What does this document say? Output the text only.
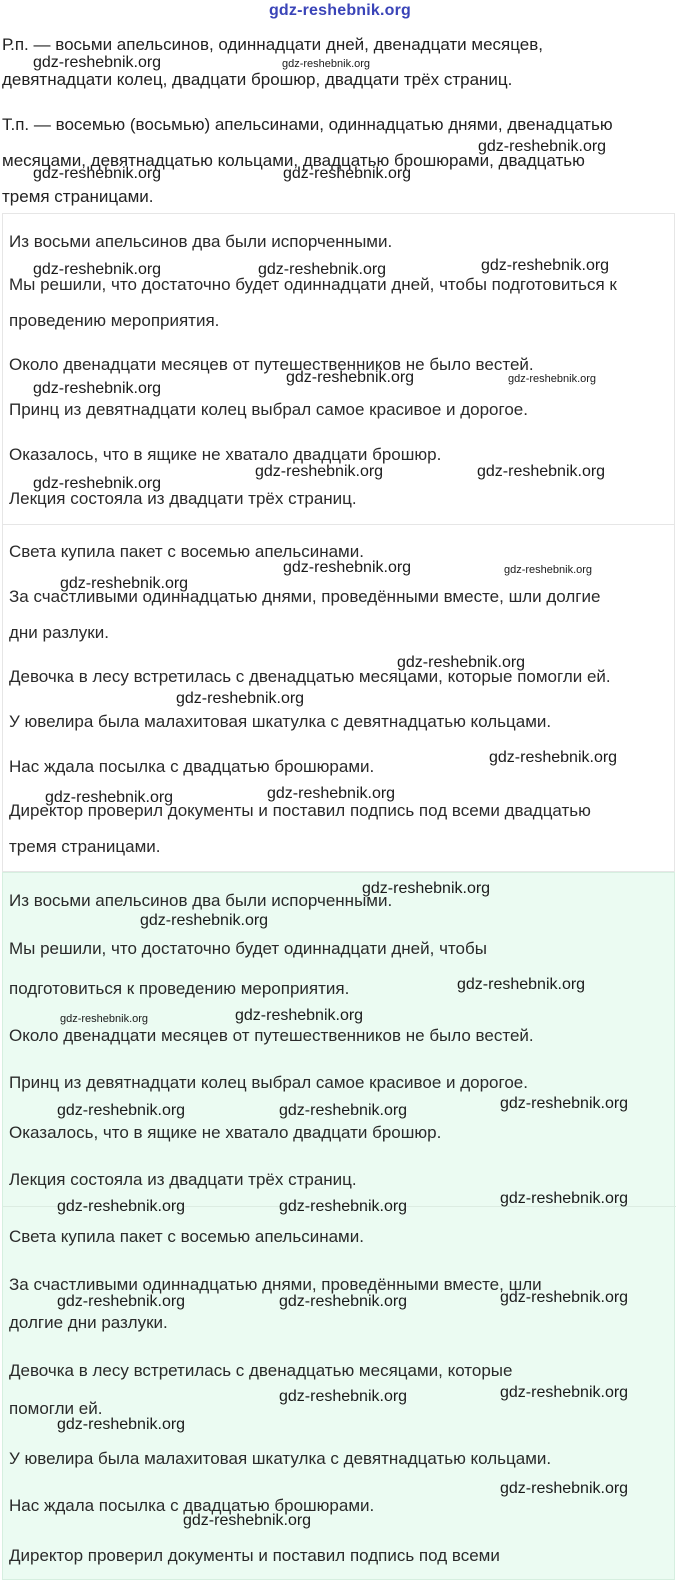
gdz-reshebnik.org
Р.п. — восьми апельсинов, одиннадцати дней, двенадцати месяцев,
девятнадцати колец, двадцати брошюр, двадцати трёх страниц.
Т.п. — восемью (восьмью) апельсинами, одиннадцатью днями, двенадцатью
месяцами, девятнадцатью кольцами, двадцатью брошюрами, двадцатью
тремя страницами.
Из восьми апельсинов два были испорченными.
Мы решили, что достаточно будет одиннадцати дней, чтобы подготовиться к
проведению мероприятия.
Около двенадцати месяцев от путешественников не было вестей.
Принц из девятнадцати колец выбрал самое красивое и дорогое.
Оказалось, что в ящике не хватало двадцати брошюр.
Лекция состояла из двадцати трёх страниц.
Света купила пакет с восемью апельсинами.
За счастливыми одиннадцатью днями, проведёнными вместе, шли долгие
дни разлуки.
Девочка в лесу встретилась с двенадцатью месяцами, которые помогли ей.
У ювелира была малахитовая шкатулка с девятнадцатью кольцами.
Нас ждала посылка с двадцатью брошюрами.
Директор проверил документы и поставил подпись под всеми двадцатью
тремя страницами.
Из восьми апельсинов два были испорченными.
Мы решили, что достаточно будет одиннадцати дней, чтобы
подготовиться к проведению мероприятия.
Около двенадцати месяцев от путешественников не было вестей.
Принц из девятнадцати колец выбрал самое красивое и дорогое.
Оказалось, что в ящике не хватало двадцати брошюр.
Лекция состояла из двадцати трёх страниц.
Света купила пакет с восемью апельсинами.
За счастливыми одиннадцатью днями, проведёнными вместе, шли
долгие дни разлуки.
Девочка в лесу встретилась с двенадцатью месяцами, которые
помогли ей.
У ювелира была малахитовая шкатулка с девятнадцатью кольцами.
Нас ждала посылка с двадцатью брошюрами.
Директор проверил документы и поставил подпись под всеми
gdz-reshebnik.org	gdz-reshebnik.org
gdz-reshebnik.org
gdz-reshebnik.org	gdz-reshebnik.org
gdz-reshebnik.org	gdz-reshebnik.org	gdz-reshebnik.org
gdz-reshebnik.org
gdz-reshebnik.org	gdz-reshebnik.org
gdz-reshebnik.org
gdz-reshebnik.org	gdz-reshebnik.org
gdz-reshebnik.org
gdz-reshebnik.org	gdz-reshebnik.org
gdz-reshebnik.org
gdz-reshebnik.org
gdz-reshebnik.org
gdz-reshebnik.org	gdz-reshebnik.org
gdz-reshebnik.org
gdz-reshebnik.org
gdz-reshebnik.org
gdz-reshebnik.org	gdz-reshebnik.org
gdz-reshebnik.org	gdz-reshebnik.org	gdz-reshebnik.org
gdz-reshebnik.org	gdz-reshebnik.org	gdz-reshebnik.org
gdz-reshebnik.org	gdz-reshebnik.org	gdz-reshebnik.org
gdz-reshebnik.org	gdz-reshebnik.org
gdz-reshebnik.org
gdz-reshebnik.org
gdz-reshebnik.org
